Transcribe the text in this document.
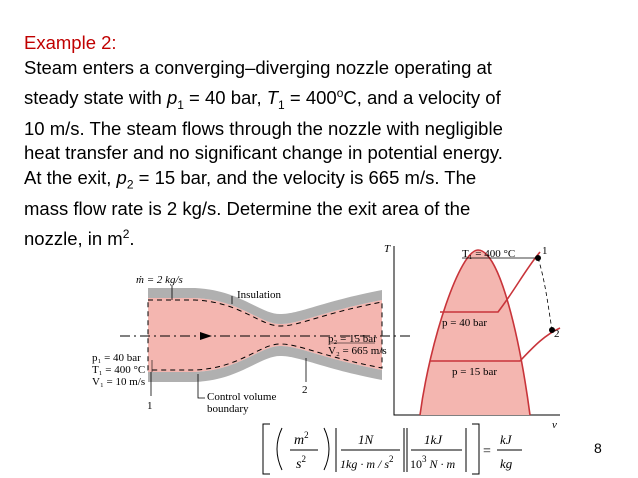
Example 2:
Steam enters a converging–diverging nozzle operating at
steady state with $p_1 = 40$ bar, $T_1 = 400^oC$, and a velocity of
10 m/s. The steam flows through the nozzle with negligible
heat transfer and no significant change in potential energy.
At the exit, $p_2 = 15$ bar, and the velocity is 665 m/s. The
mass flow rate is 2 kg/s. Determine the exit area of the
nozzle, in $m^2$.
ṁ = 2 kg/s
Insulation
p₁ = 40 bar
T₁ = 400 °C
V₁ = 10 m/s
p₂ = 15 bar
V₂ = 665 m/s
Control volume
boundary
1
2
T
v
T₁ = 400 °C
p = 40 bar
p = 15 bar
1
2
$m^2$
$s^2$
1N
$1kg \cdot m / s^2$
1kJ
$10^3$ N · m
=
kJ
kg
8
